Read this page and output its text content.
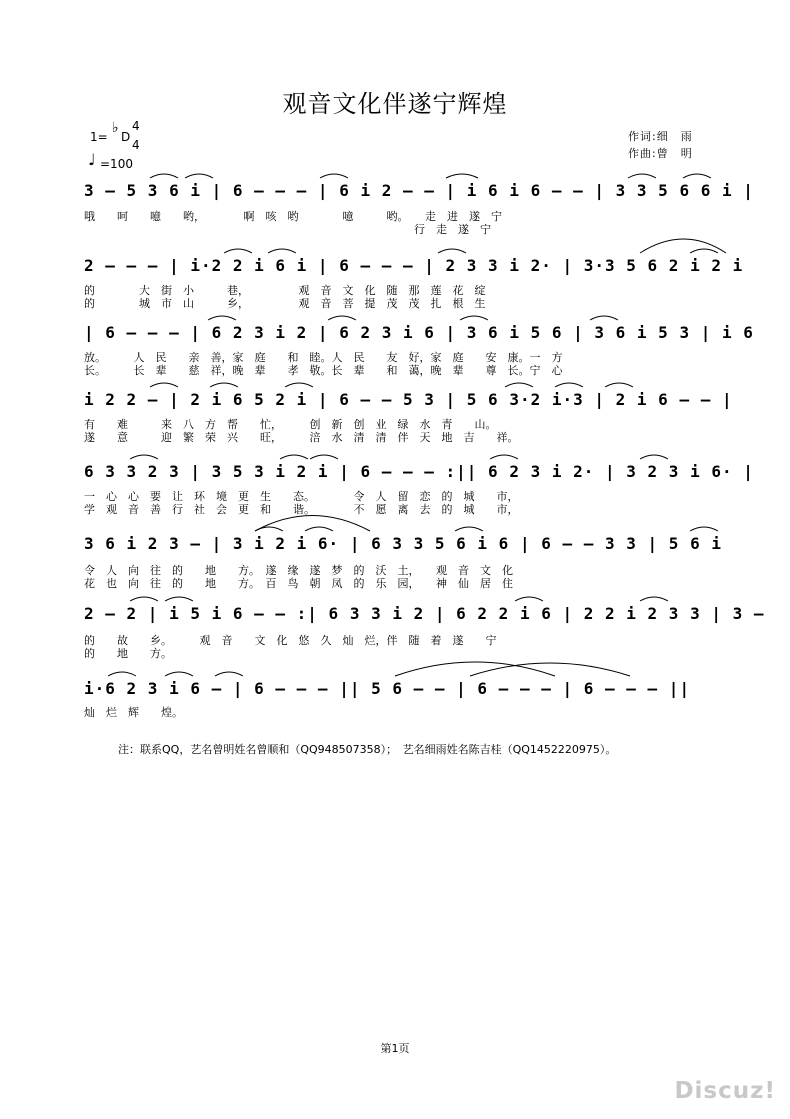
观音文化伴遂宁辉煌
1=
♭
D
4
4
♩ =100
作词:细　雨
作曲:曾　明
3 – 5 3 6 i | 6 – – – | 6 i 2 – – | i 6 i 6 – – | 3 3 5 6 6 i |
哦　　呵　　噫　　哟，　　　　啊　咳　哟　　　　噫　　　哟。　　走　进　遂　宁
　　　　　　　　　　　　　　　　　　　　　　　　　　　　　　行　走　遂　宁
2 – – – | i·2 2 i 6 i | 6 – – – | 2 3 3 i 2· | 3·3 5 6 2 i 2 i
的　　　　大　街　小　　　巷，　　　　　观　音　文　化　随　那　莲　花　绽
的　　　　城　市　山　　　乡，　　　　　观　音　菩　提　茂　茂　扎　根　生
| 6 – – – | 6 2 3 i 2 | 6 2 3 i 6 | 3 6 i 5 6 | 3 6 i 5 3 | i 6
放。　　　人　民　　亲　善，家　庭　　和　睦。人　民　　友　好，家　庭　　安　康。一　方
长。　　　长　辈　　慈　祥，晚　辈　　孝　敬。长　辈　　和　蔼，晚　辈　　尊　长。宁　心
i 2 2 – | 2 i 6 5 2 i | 6 – – 5 3 | 5 6 3·2 i·3 | 2 i 6 – – |
有　　难　　　来　八　方　帮　　忙，　　　创　新　创　业　绿　水　青　　山。
遂　　意　　　迎　繁　荣　兴　　旺，　　　涪　水　清　清　伴　天　地　吉　　祥。
6 3 3 2 3 | 3 5 3 i 2 i | 6 – – – :|| 6 2 3 i 2· | 3 2 3 i 6· |
一　心　心　要　让　环　境　更　生　　态。　　　　令　人　留　恋　的　城　　市，
学　观　音　善　行　社　会　更　和　　谐。　　　　不　愿　离　去　的　城　　市，
3 6 i 2 3 – | 3 i 2 i 6· | 6 3 3 5 6 i 6 | 6 – – 3 3 | 5 6 i
令　人　向　往　的　　地　　方。　遂　缘　遂　梦　的　沃　土，　　观　音　文　化
花　也　向　往　的　　地　　方。　百　鸟　朝　凤　的　乐　园，　　神　仙　居　住
2 – 2 | i 5 i 6 – – :| 6 3 3 i 2 | 6 2 2 i 6 | 2 2 i 2 3 3 | 3 –
的　　故　　乡。　　　观　音　　文　化　悠　久　灿　烂，伴　随　着　遂　　宁
的　　地　　方。
i·6 2 3 i 6 – | 6 – – – || 5 6 – – | 6 – – – | 6 – – – ||
灿　烂　辉　　煌。
注：联系QQ，艺名曾明姓名曾顺和（QQ948507358）；　艺名细雨姓名陈吉桂（QQ1452220975）。
第1页
Discuz!
